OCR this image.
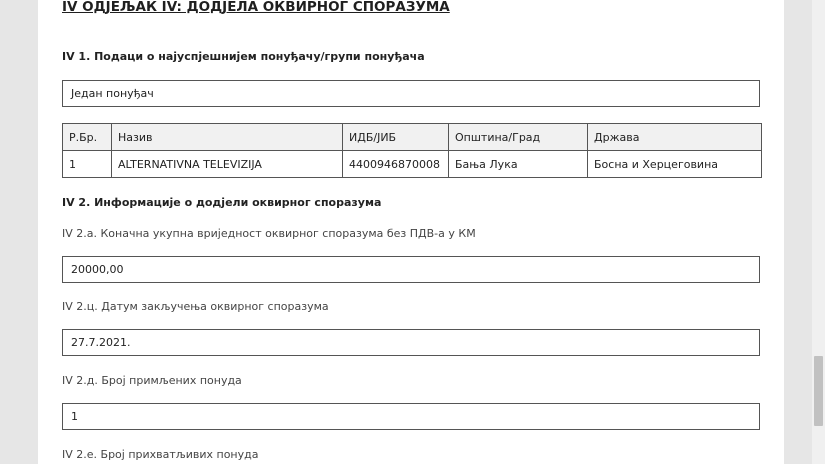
IV ОДЈЕЉАК IV: ДОДЈЕЛА ОКВИРНОГ СПОРАЗУМА
IV 1. Подаци о најуспјешнијем понуђачу/групи понуђача
Један понуђач
Р.Бр.	Назив	ИДБ/ЈИБ	Општина/Град	Држава
1	ALTERNATIVNA TELEVIZIJA	4400946870008	Бања Лука	Босна и Херцеговина
IV 2. Информације о додјели оквирног споразума
IV 2.а. Коначна укупна вриједност оквирног споразума без ПДВ-а у КМ
20000,00
IV 2.ц. Датум закључења оквирног споразума
27.7.2021.
IV 2.д. Број примљених понуда
1
IV 2.е. Број прихватљивих понуда
